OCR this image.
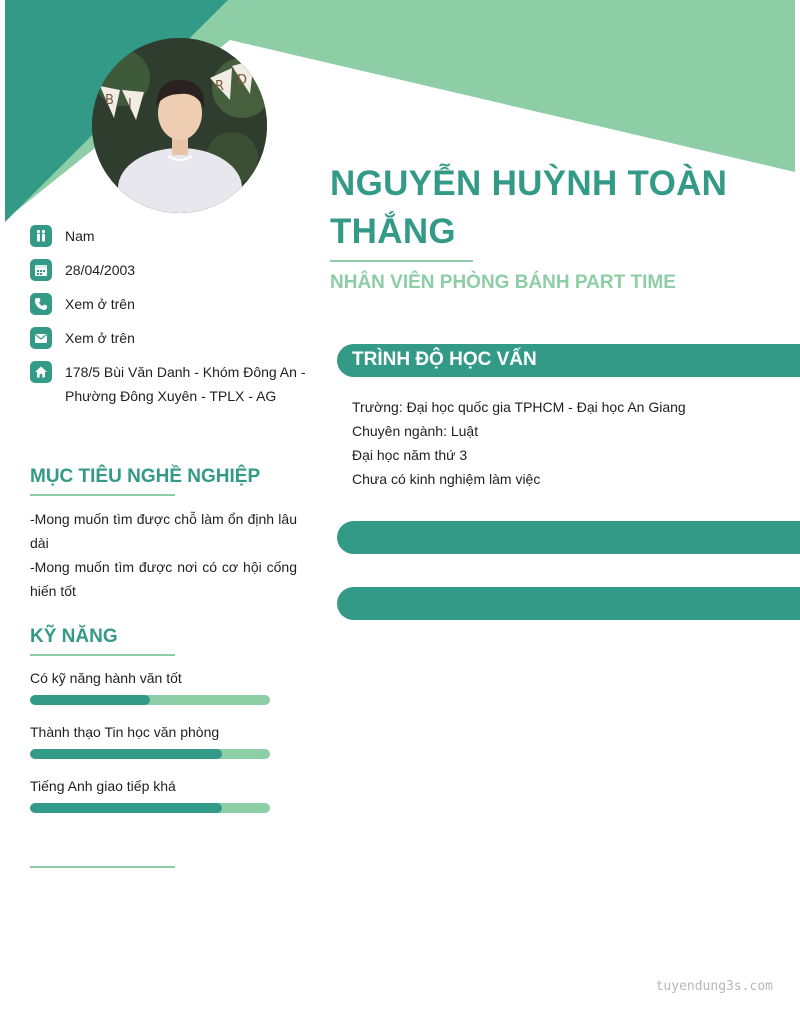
B I
R D
NGUYỄN HUỲNH TOÀN THẮNG
NHÂN VIÊN PHÒNG BÁNH PART TIME
Nam
28/04/2003
Xem ở trên
Xem ở trên
178/5 Bùi Văn Danh - Khóm Đông An - Phường Đông Xuyên - TPLX - AG
MỤC TIÊU NGHỀ NGHIỆP
-Mong muốn tìm được chỗ làm ổn định lâu dài
-Mong muốn tìm được nơi có cơ hội cống hiến tốt
KỸ NĂNG
Có kỹ năng hành văn tốt
Thành thạo Tin học văn phòng
Tiếng Anh giao tiếp khá
TRÌNH ĐỘ HỌC VẤN
Trường: Đại học quốc gia TPHCM - Đại học An Giang
Chuyên ngành: Luật
Đại học năm thứ 3
Chưa có kinh nghiệm làm việc
tuyendung3s.com
